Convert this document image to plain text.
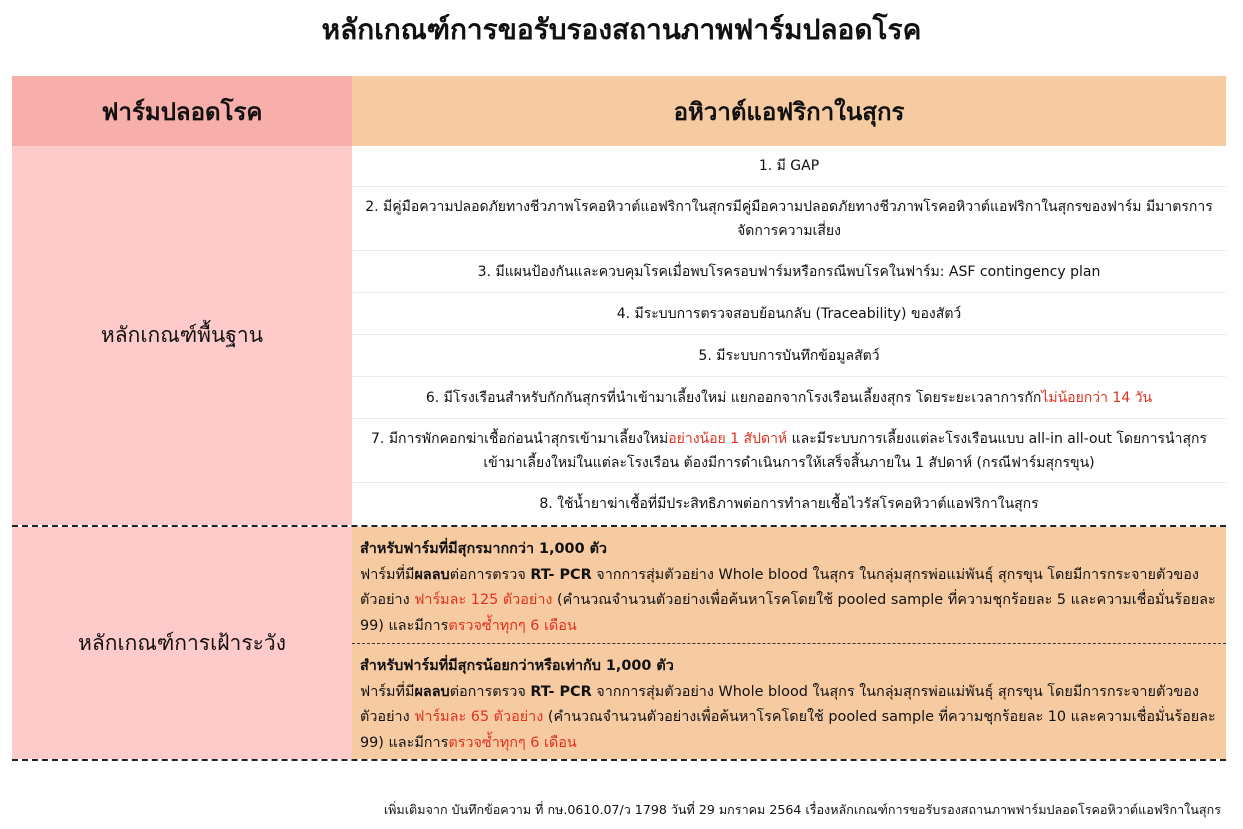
หลักเกณฑ์การขอรับรองสถานภาพฟาร์มปลอดโรค
ฟาร์มปลอดโรค	อหิวาต์แอฟริกาในสุกร
หลักเกณฑ์พื้นฐาน
1. มี GAP
2. มีคู่มือความปลอดภัยทางชีวภาพโรคอหิวาต์แอฟริกาในสุกรมีคู่มือความปลอดภัยทางชีวภาพโรคอหิวาต์แอฟริกาในสุกรของฟาร์ม มีมาตรการจัดการความเสี่ยง
3. มีแผนป้องกันและควบคุมโรคเมื่อพบโรครอบฟาร์มหรือกรณีพบโรคในฟาร์ม: ASF contingency plan
4. มีระบบการตรวจสอบย้อนกลับ (Traceability) ของสัตว์
5. มีระบบการบันทึกข้อมูลสัตว์
6. มีโรงเรือนสำหรับกักกันสุกรที่นำเข้ามาเลี้ยงใหม่ แยกออกจากโรงเรือนเลี้ยงสุกร โดยระยะเวลาการกักไม่น้อยกว่า 14 วัน
7. มีการพักคอกฆ่าเชื้อก่อนนำสุกรเข้ามาเลี้ยงใหม่อย่างน้อย 1 สัปดาห์ และมีระบบการเลี้ยงแต่ละโรงเรือนแบบ all-in all-out โดยการนำสุกรเข้ามาเลี้ยงใหม่ในแต่ละโรงเรือน ต้องมีการดำเนินการให้เสร็จสิ้นภายใน 1 สัปดาห์ (กรณีฟาร์มสุกรขุน)
8. ใช้น้ำยาฆ่าเชื้อที่มีประสิทธิภาพต่อการทำลายเชื้อไวรัสโรคอหิวาต์แอฟริกาในสุกร
หลักเกณฑ์การเฝ้าระวัง
สำหรับฟาร์มที่มีสุกรมากกว่า 1,000 ตัว
ฟาร์มที่มีผลลบต่อการตรวจ RT- PCR จากการสุ่มตัวอย่าง Whole blood ในสุกร ในกลุ่มสุกรพ่อแม่พันธุ์ สุกรขุน โดยมีการกระจายตัวของตัวอย่าง ฟาร์มละ 125 ตัวอย่าง (คำนวณจำนวนตัวอย่างเพื่อค้นหาโรคโดยใช้ pooled sample ที่ความชุกร้อยละ 5 และความเชื่อมั่นร้อยละ 99) และมีการตรวจซ้ำทุกๆ 6 เดือน
สำหรับฟาร์มที่มีสุกรน้อยกว่าหรือเท่ากับ 1,000 ตัว
ฟาร์มที่มีผลลบต่อการตรวจ RT- PCR จากการสุ่มตัวอย่าง Whole blood ในสุกร ในกลุ่มสุกรพ่อแม่พันธุ์ สุกรขุน โดยมีการกระจายตัวของตัวอย่าง ฟาร์มละ 65 ตัวอย่าง (คำนวณจำนวนตัวอย่างเพื่อค้นหาโรคโดยใช้ pooled sample ที่ความชุกร้อยละ 10 และความเชื่อมั่นร้อยละ 99) และมีการตรวจซ้ำทุกๆ 6 เดือน
เพิ่มเติมจาก บันทึกข้อความ ที่ กษ.0610.07/ว 1798 วันที่ 29 มกราคม 2564 เรื่องหลักเกณฑ์การขอรับรองสถานภาพฟาร์มปลอดโรคอหิวาต์แอฟริกาในสุกร
